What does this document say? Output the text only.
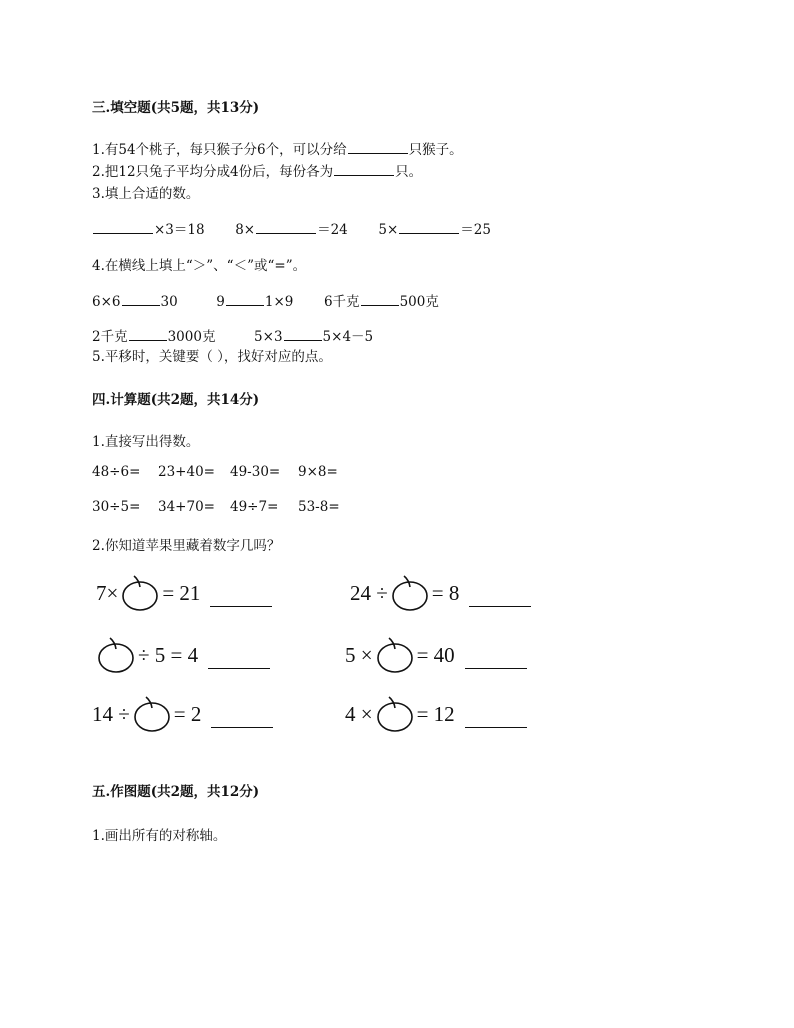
三.填空题(共5题，共13分)
1.有54个桃子，每只猴子分6个，可以分给	只猴子。
2.把12只兔子平均分成4份后，每份各为	只。
3.填上合适的数。
×3＝18 8×	＝24 5×	＝25
4.在横线上填上“＞”、“＜”或“=”。
6×6	30	9	1×9 6千克	500克
2千克	3000克	5×3	5×4－5
5.平移时，关键要（ ），找好对应的点。
四.计算题(共2题，共14分)
1.直接写出得数。
48÷6= 23+40= 49-30= 9×8=
30÷5= 34+70= 49÷7= 53-8=
2.你知道苹果里藏着数字几吗？
7× = 21	24 ÷ = 8
÷ 5 = 4	5 × = 40
14 ÷ = 2	4 × = 12
五.作图题(共2题，共12分)
1.画出所有的对称轴。
